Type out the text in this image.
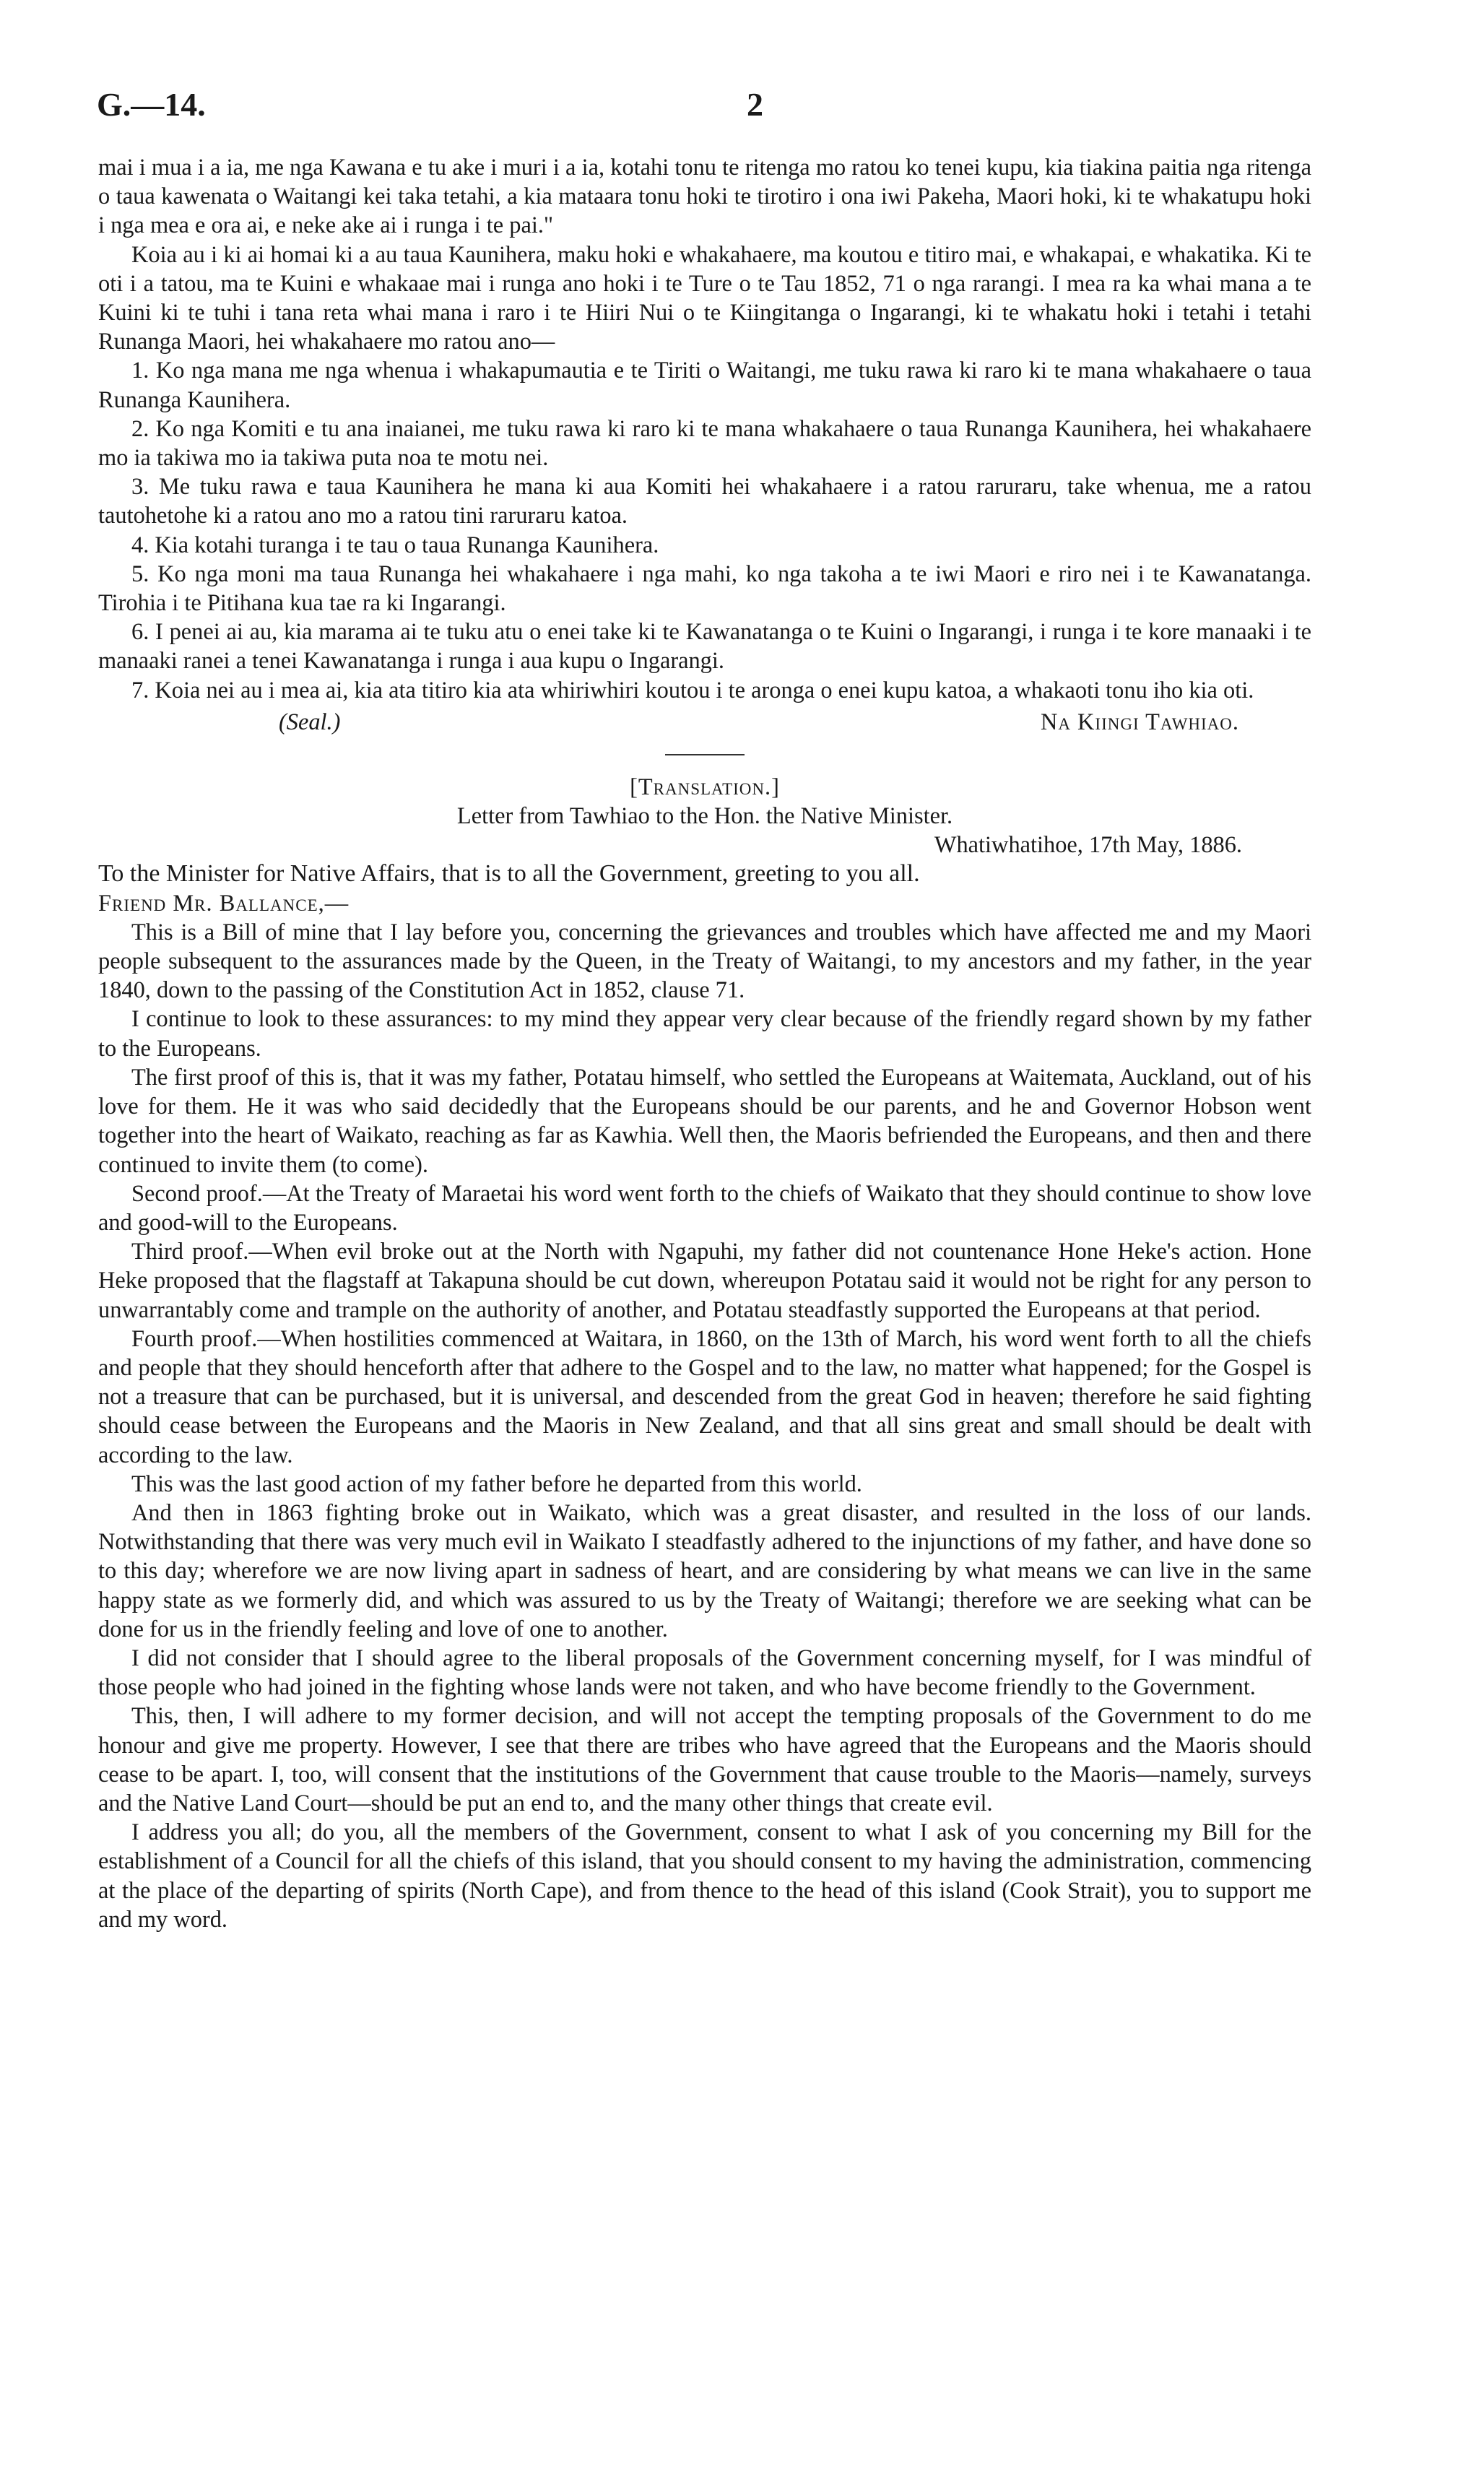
G.—14.	2

mai i mua i a ia, me nga Kawana e tu ake i muri i a ia, kotahi tonu te ritenga mo ratou ko tenei kupu, kia tiakina paitia nga ritenga o taua kawenata o Waitangi kei taka tetahi, a kia mataara tonu hoki te tirotiro i ona iwi Pakeha, Maori hoki, ki te whakatupu hoki i nga mea e ora ai, e neke ake ai i runga i te pai."

Koia au i ki ai homai ki a au taua Kaunihera, maku hoki e whakahaere, ma koutou e titiro mai, e whakapai, e whakatika. Ki te oti i a tatou, ma te Kuini e whakaae mai i runga ano hoki i te Ture o te Tau 1852, 71 o nga rarangi. I mea ra ka whai mana a te Kuini ki te tuhi i tana reta whai mana i raro i te Hiiri Nui o te Kiingitanga o Ingarangi, ki te whakatu hoki i tetahi i tetahi Runanga Maori, hei whakahaere mo ratou ano—

1. Ko nga mana me nga whenua i whakapumautia e te Tiriti o Waitangi, me tuku rawa ki raro ki te mana whakahaere o taua Runanga Kaunihera.

2. Ko nga Komiti e tu ana inaianei, me tuku rawa ki raro ki te mana whakahaere o taua Runanga Kaunihera, hei whakahaere mo ia takiwa mo ia takiwa puta noa te motu nei.

3. Me tuku rawa e taua Kaunihera he mana ki aua Komiti hei whakahaere i a ratou raruraru, take whenua, me a ratou tautohetohe ki a ratou ano mo a ratou tini raruraru katoa.

4. Kia kotahi turanga i te tau o taua Runanga Kaunihera.

5. Ko nga moni ma taua Runanga hei whakahaere i nga mahi, ko nga takoha a te iwi Maori e riro nei i te Kawanatanga. Tirohia i te Pitihana kua tae ra ki Ingarangi.

6. I penei ai au, kia marama ai te tuku atu o enei take ki te Kawanatanga o te Kuini o Ingarangi, i runga i te kore manaaki i te manaaki ranei a tenei Kawanatanga i runga i aua kupu o Ingarangi.

7. Koia nei au i mea ai, kia ata titiro kia ata whiriwhiri koutou i te aronga o enei kupu katoa, a whakaoti tonu iho kia oti.

(Seal.)	Na Kiingi Tawhiao.

[Translation.]

Letter from Tawhiao to the Hon. the Native Minister.

Whatiwhatihoe, 17th May, 1886.

To the Minister for Native Affairs, that is to all the Government, greeting to you all.

Friend Mr. Ballance,—

This is a Bill of mine that I lay before you, concerning the grievances and troubles which have affected me and my Maori people subsequent to the assurances made by the Queen, in the Treaty of Waitangi, to my ancestors and my father, in the year 1840, down to the passing of the Constitution Act in 1852, clause 71.

I continue to look to these assurances: to my mind they appear very clear because of the friendly regard shown by my father to the Europeans.

The first proof of this is, that it was my father, Potatau himself, who settled the Europeans at Waitemata, Auckland, out of his love for them. He it was who said decidedly that the Europeans should be our parents, and he and Governor Hobson went together into the heart of Waikato, reaching as far as Kawhia. Well then, the Maoris befriended the Europeans, and then and there continued to invite them (to come).

Second proof.—At the Treaty of Maraetai his word went forth to the chiefs of Waikato that they should continue to show love and good-will to the Europeans.

Third proof.—When evil broke out at the North with Ngapuhi, my father did not countenance Hone Heke's action. Hone Heke proposed that the flagstaff at Takapuna should be cut down, whereupon Potatau said it would not be right for any person to unwarrantably come and trample on the authority of another, and Potatau steadfastly supported the Europeans at that period.

Fourth proof.—When hostilities commenced at Waitara, in 1860, on the 13th of March, his word went forth to all the chiefs and people that they should henceforth after that adhere to the Gospel and to the law, no matter what happened; for the Gospel is not a treasure that can be purchased, but it is universal, and descended from the great God in heaven; therefore he said fighting should cease between the Europeans and the Maoris in New Zealand, and that all sins great and small should be dealt with according to the law.

This was the last good action of my father before he departed from this world.

And then in 1863 fighting broke out in Waikato, which was a great disaster, and resulted in the loss of our lands. Notwithstanding that there was very much evil in Waikato I steadfastly adhered to the injunctions of my father, and have done so to this day; wherefore we are now living apart in sadness of heart, and are considering by what means we can live in the same happy state as we formerly did, and which was assured to us by the Treaty of Waitangi; therefore we are seeking what can be done for us in the friendly feeling and love of one to another.

I did not consider that I should agree to the liberal proposals of the Government concerning myself, for I was mindful of those people who had joined in the fighting whose lands were not taken, and who have become friendly to the Government.

This, then, I will adhere to my former decision, and will not accept the tempting proposals of the Government to do me honour and give me property. However, I see that there are tribes who have agreed that the Europeans and the Maoris should cease to be apart. I, too, will consent that the institutions of the Government that cause trouble to the Maoris—namely, surveys and the Native Land Court—should be put an end to, and the many other things that create evil.

I address you all; do you, all the members of the Government, consent to what I ask of you concerning my Bill for the establishment of a Council for all the chiefs of this island, that you should consent to my having the administration, commencing at the place of the departing of spirits (North Cape), and from thence to the head of this island (Cook Strait), you to support me and my word.
